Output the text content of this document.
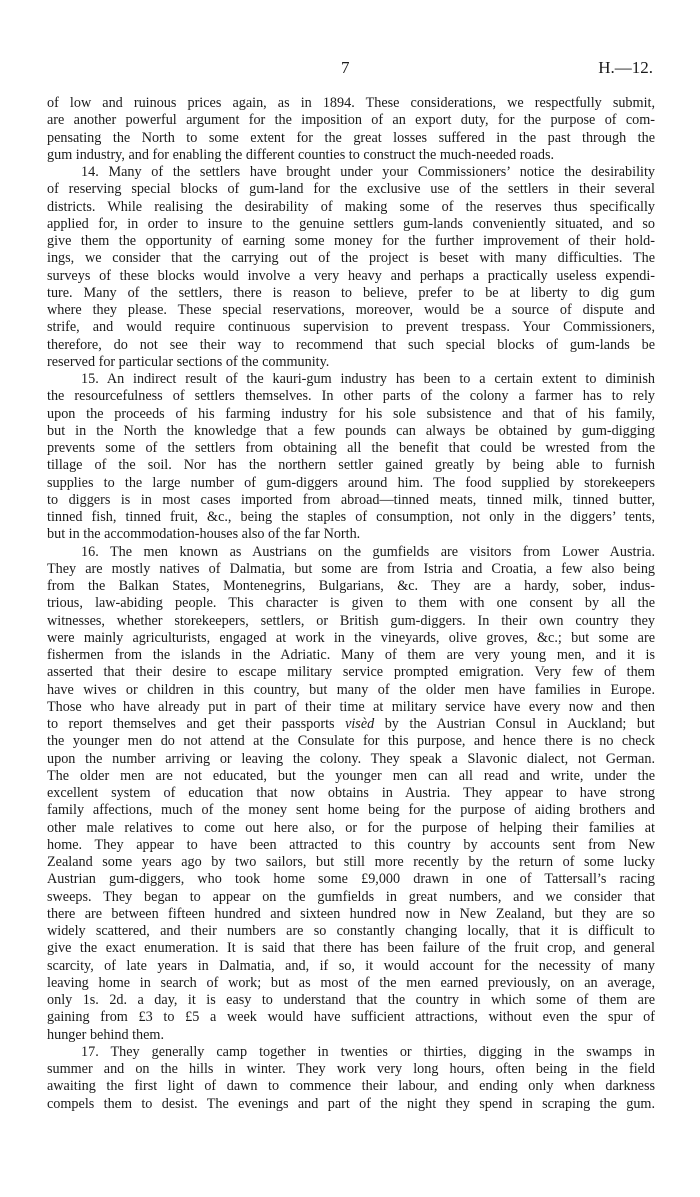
7	H.—12.
of low and ruinous prices again, as in 1894. These considerations, we respectfully submit,
are another powerful argument for the imposition of an export duty, for the purpose of com-
pensating the North to some extent for the great losses suffered in the past through the
gum industry, and for enabling the different counties to construct the much-needed roads.
14. Many of the settlers have brought under your Commissioners’ notice the desirability
of reserving special blocks of gum-land for the exclusive use of the settlers in their several
districts. While realising the desirability of making some of the reserves thus specifically
applied for, in order to insure to the genuine settlers gum-lands conveniently situated, and so
give them the opportunity of earning some money for the further improvement of their hold-
ings, we consider that the carrying out of the project is beset with many difficulties. The
surveys of these blocks would involve a very heavy and perhaps a practically useless expendi-
ture. Many of the settlers, there is reason to believe, prefer to be at liberty to dig gum
where they please. These special reservations, moreover, would be a source of dispute and
strife, and would require continuous supervision to prevent trespass. Your Commissioners,
therefore, do not see their way to recommend that such special blocks of gum-lands be
reserved for particular sections of the community.
15. An indirect result of the kauri-gum industry has been to a certain extent to diminish
the resourcefulness of settlers themselves. In other parts of the colony a farmer has to rely
upon the proceeds of his farming industry for his sole subsistence and that of his family,
but in the North the knowledge that a few pounds can always be obtained by gum-digging
prevents some of the settlers from obtaining all the benefit that could be wrested from the
tillage of the soil. Nor has the northern settler gained greatly by being able to furnish
supplies to the large number of gum-diggers around him. The food supplied by storekeepers
to diggers is in most cases imported from abroad—tinned meats, tinned milk, tinned butter,
tinned fish, tinned fruit, &c., being the staples of consumption, not only in the diggers’ tents,
but in the accommodation-houses also of the far North.
16. The men known as Austrians on the gumfields are visitors from Lower Austria.
They are mostly natives of Dalmatia, but some are from Istria and Croatia, a few also being
from the Balkan States, Montenegrins, Bulgarians, &c. They are a hardy, sober, indus-
trious, law-abiding people. This character is given to them with one consent by all the
witnesses, whether storekeepers, settlers, or British gum-diggers. In their own country they
were mainly agriculturists, engaged at work in the vineyards, olive groves, &c.; but some are
fishermen from the islands in the Adriatic. Many of them are very young men, and it is
asserted that their desire to escape military service prompted emigration. Very few of them
have wives or children in this country, but many of the older men have families in Europe.
Those who have already put in part of their time at military service have every now and then
to report themselves and get their passports visèd by the Austrian Consul in Auckland; but
the younger men do not attend at the Consulate for this purpose, and hence there is no check
upon the number arriving or leaving the colony. They speak a Slavonic dialect, not German.
The older men are not educated, but the younger men can all read and write, under the
excellent system of education that now obtains in Austria. They appear to have strong
family affections, much of the money sent home being for the purpose of aiding brothers and
other male relatives to come out here also, or for the purpose of helping their families at
home. They appear to have been attracted to this country by accounts sent from New
Zealand some years ago by two sailors, but still more recently by the return of some lucky
Austrian gum-diggers, who took home some £9,000 drawn in one of Tattersall’s racing
sweeps. They began to appear on the gumfields in great numbers, and we consider that
there are between fifteen hundred and sixteen hundred now in New Zealand, but they are so
widely scattered, and their numbers are so constantly changing locally, that it is difficult to
give the exact enumeration. It is said that there has been failure of the fruit crop, and general
scarcity, of late years in Dalmatia, and, if so, it would account for the necessity of many
leaving home in search of work; but as most of the men earned previously, on an average,
only 1s. 2d. a day, it is easy to understand that the country in which some of them are
gaining from £3 to £5 a week would have sufficient attractions, without even the spur of
hunger behind them.
17. They generally camp together in twenties or thirties, digging in the swamps in
summer and on the hills in winter. They work very long hours, often being in the field
awaiting the first light of dawn to commence their labour, and ending only when darkness
compels them to desist. The evenings and part of the night they spend in scraping the gum.
